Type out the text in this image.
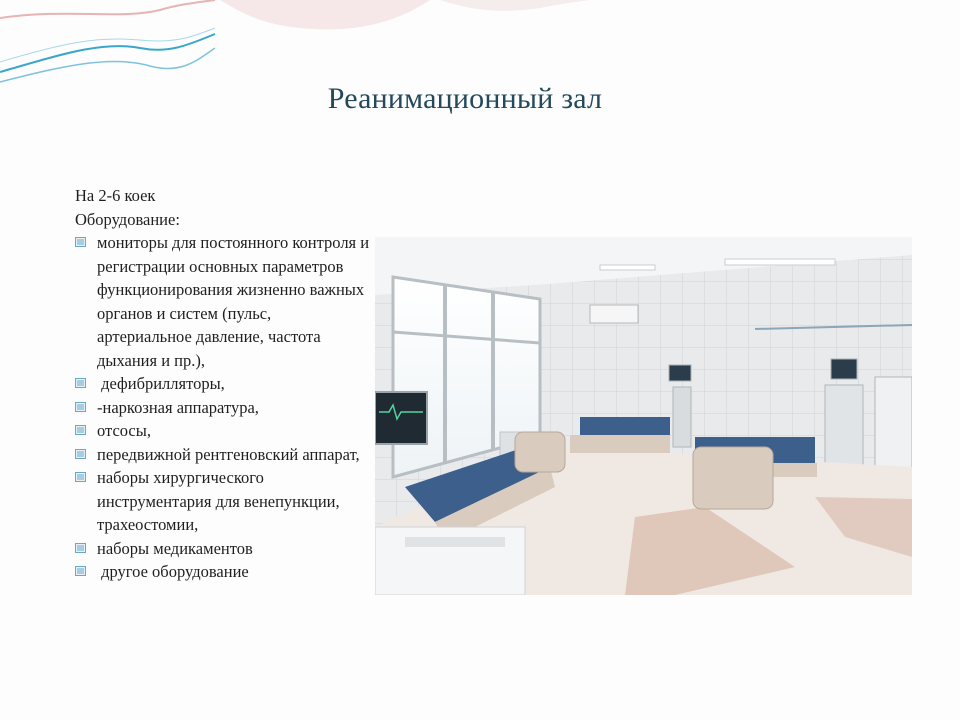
Реанимационный зал

На 2-6 коек

Оборудование:

мониторы для постоянного контроля и регистрации основных параметров функционирования жизненно важных органов и систем (пульс, артериальное давление, частота дыхания и пр.),
дефибрилляторы,
-наркозная аппаратура,
отсосы,
передвижной рентгеновский аппарат,
наборы хирургического инструментария для венепункции, трахеостомии,
наборы медикаментов
другое оборудование
